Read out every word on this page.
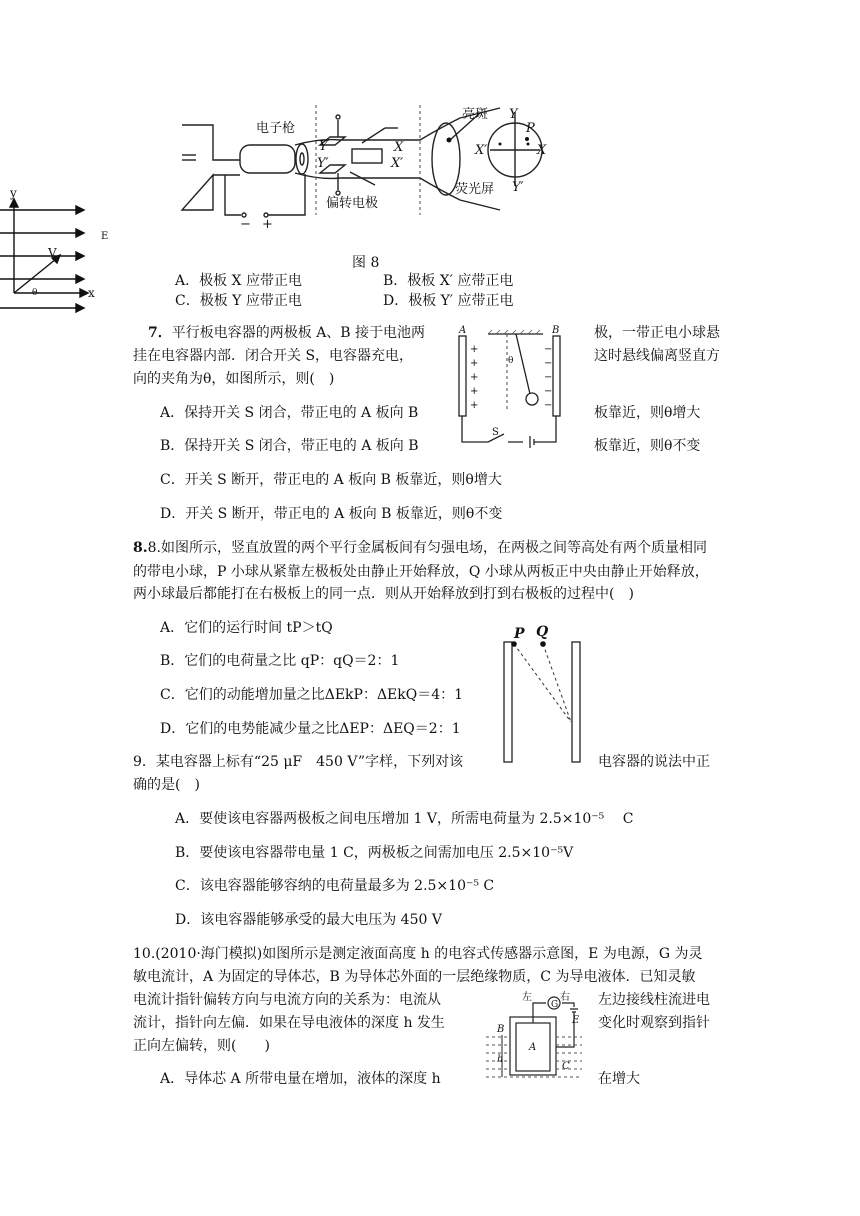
电子枪
偏转电极
亮斑
荧光屏
Y
P
X
X′
Y′
Y
Y′
X
X′
− +
图 8
y
V
x
θ
E
A．极板 X 应带正电	B．极板 X′ 应带正电
C．极板 Y 应带正电	D．极板 Y′ 应带正电
7．平行板电容器的两极板 A、B 接于电池两	极，一带正电小球悬
挂在电容器内部．闭合开关 S，电容器充电，	这时悬线偏离竖直方
向的夹角为θ，如图所示，则(　)
A．保持开关 S 闭合，带正电的 A 板向 B	板靠近，则θ增大
B．保持开关 S 闭合，带正电的 A 板向 B	板靠近，则θ不变
C．开关 S 断开，带正电的 A 板向 B 板靠近，则θ增大
D．开关 S 断开，带正电的 A 板向 B 板靠近，则θ不变
A	B
S
θ
+
+
+
+
+
−
−
−
−
−
8.8.如图所示，竖直放置的两个平行金属板间有匀强电场，在两极之间等高处有两个质量相同
的带电小球，P 小球从紧靠左极板处由静止开始释放，Q 小球从两板正中央由静止开始释放，
两小球最后都能打在右极板上的同一点．则从开始释放到打到右极板的过程中(　)
A．它们的运行时间 tP＞tQ
B．它们的电荷量之比 qP：qQ＝2：1
C．它们的动能增加量之比ΔEkP：ΔEkQ＝4：1
D．它们的电势能减少量之比ΔEP：ΔEQ＝2：1
P Q
9．某电容器上标有“25 μF　450 V”字样，下列对该	电容器的说法中正
确的是(　)
A．要使该电容器两极板之间电压增加 1 V，所需电荷量为 2.5×10⁻⁵　 C
B．要使该电容器带电量 1 C，两极板之间需加电压 2.5×10⁻⁵V
C．该电容器能够容纳的电荷量最多为 2.5×10⁻⁵ C
D．该电容器能够承受的最大电压为 450 V
10.(2010·海门模拟)如图所示是测定液面高度 h 的电容式传感器示意图，E 为电源，G 为灵
敏电流计，A 为固定的导体芯，B 为导体芯外面的一层绝缘物质，C 为导电液体．已知灵敏
电流计指针偏转方向与电流方向的关系为：电流从	左边接线柱流进电
流计，指针向左偏．如果在导电液体的深度 h 发生	变化时观察到指针
正向左偏转，则(　　)
A．导体芯 A 所带电量在增加，液体的深度 h	在增大
左	右
G
E
A
B
C
h
